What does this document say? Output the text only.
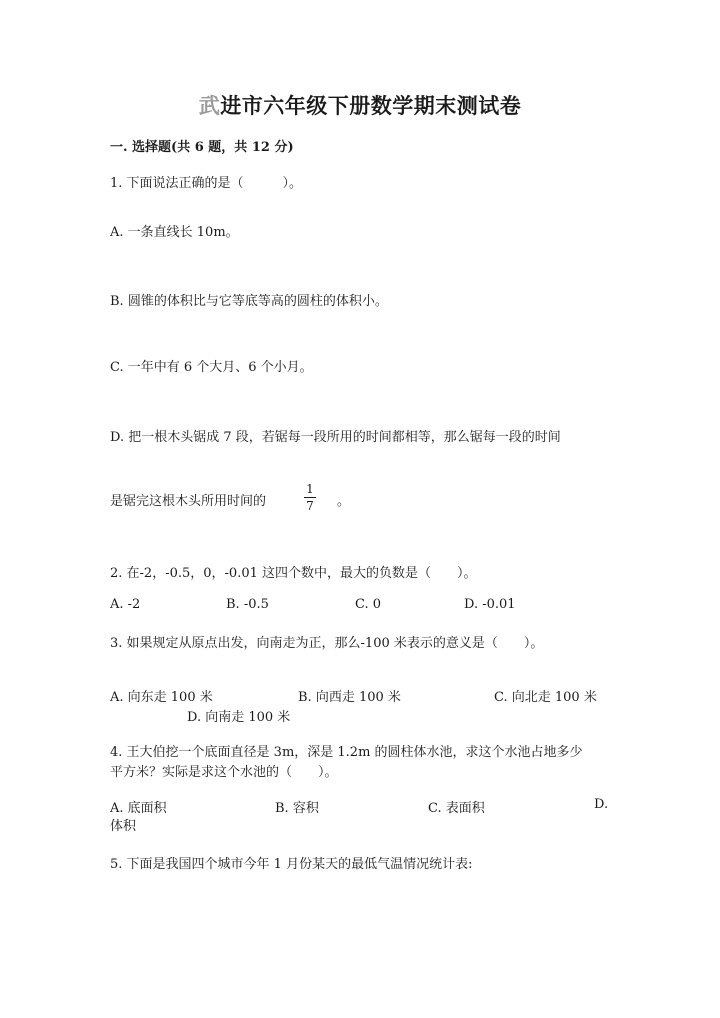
武进市六年级下册数学期末测试卷
一. 选择题(共 6 题，共 12 分)
1. 下面说法正确的是（　　　）。
A. 一条直线长 10m。
B. 圆锥的体积比与它等底等高的圆柱的体积小。
C. 一年中有 6 个大月、6 个小月。
D. 把一根木头锯成 7 段，若锯每一段所用的时间都相等，那么锯每一段的时间
是锯完这根木头所用时间的
1
7	。
2. 在-2，-0.5，0，-0.01 这四个数中，最大的负数是（　　）。
A. -2	B. -0.5	C. 0	D. -0.01
3. 如果规定从原点出发，向南走为正，那么-100 米表示的意义是（　　）。
A. 向东走 100 米	B. 向西走 100 米	C. 向北走 100 米
D. 向南走 100 米
4. 王大伯挖一个底面直径是 3m，深是 1.2m 的圆柱体水池，求这个水池占地多少
平方米？实际是求这个水池的（　　）。
A. 底面积	B. 容积	C. 表面积	D.
体积
5. 下面是我国四个城市今年 1 月份某天的最低气温情况统计表:
